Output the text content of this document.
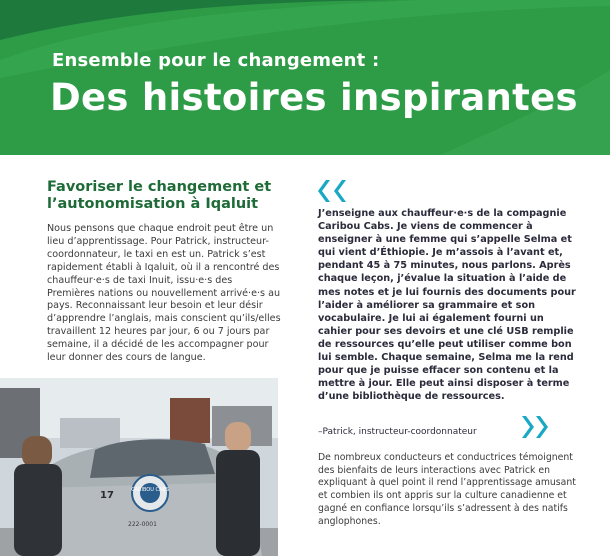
Ensemble pour le changement :
Des histoires inspirantes
Favoriser le changement et
l’autonomisation à Iqaluit

Nous pensons que chaque endroit peut être un lieu d’apprentissage. Pour Patrick, instructeur-coordonnateur, le taxi en est un. Patrick s’est rapidement établi à Iqaluit, où il a rencontré des chauffeur·e·s de taxi Inuit, issu·e·s des Premières nations ou nouvellement arrivé·e·s au pays. Reconnaissant leur besoin et leur désir d’apprendre l’anglais, mais conscient qu’ils/elles travaillent 12 heures par jour, 6 ou 7 jours par semaine, il a décidé de les accompagner pour leur donner des cours de langue.

CARIBOU CABS
17
222-0001

J’enseigne aux chauffeur·e·s de la compagnie Caribou Cabs. Je viens de commencer à enseigner à une femme qui s’appelle Selma et qui vient d’Éthiopie. Je m’assois à l’avant et, pendant 45 à 75 minutes, nous parlons. Après chaque leçon, j’évalue la situation à l’aide de mes notes et je lui fournis des documents pour l’aider à améliorer sa grammaire et son vocabulaire. Je lui ai également fourni un cahier pour ses devoirs et une clé USB remplie de ressources qu’elle peut utiliser comme bon lui semble. Chaque semaine, Selma me la rend pour que je puisse effacer son contenu et la mettre à jour. Elle peut ainsi disposer à terme d’une bibliothèque de ressources.

–Patrick, instructeur-coordonnateur

De nombreux conducteurs et conductrices témoignent des bienfaits de leurs interactions avec Patrick en expliquant à quel point il rend l’apprentissage amusant et combien ils ont appris sur la culture canadienne et gagné en confiance lorsqu’ils s’adressent à des natifs anglophones.
